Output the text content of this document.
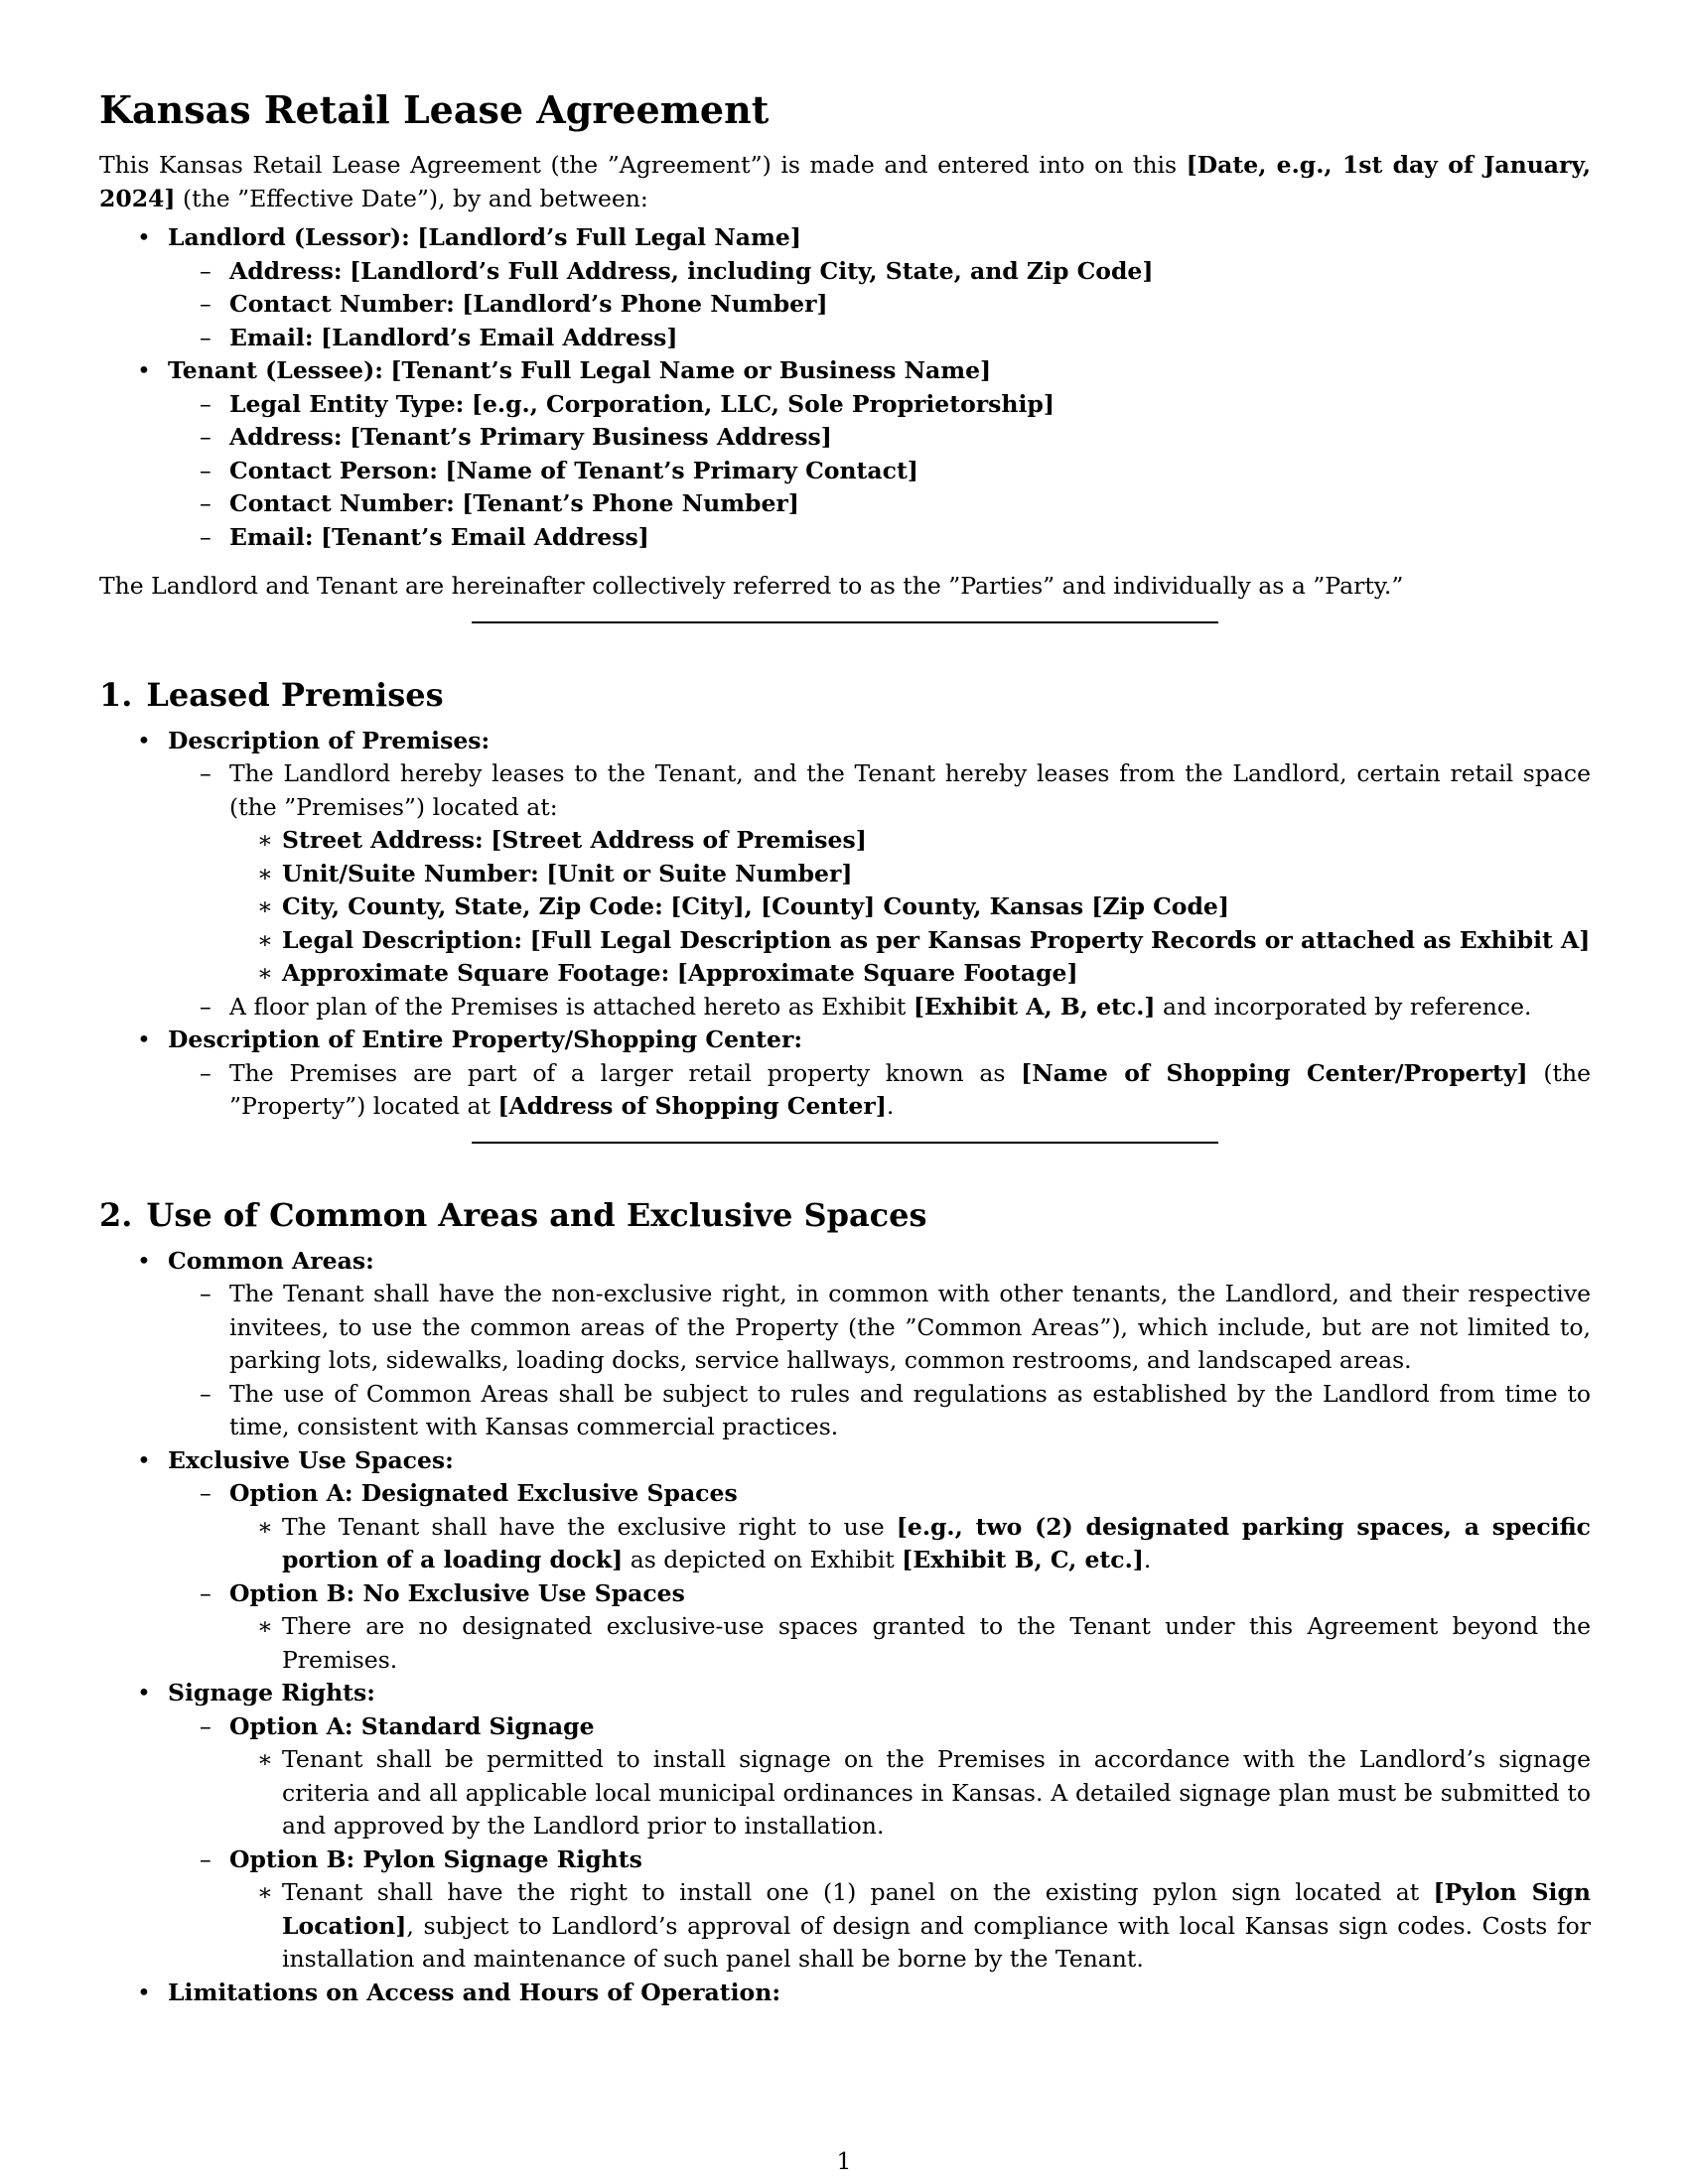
Kansas Retail Lease Agreement

This Kansas Retail Lease Agreement (the ”Agreement”) is made and entered into on this [Date, e.g., 1st day of January, 2024] (the ”Effective Date”), by and between:

• Landlord (Lessor): [Landlord’s Full Legal Name]
– Address: [Landlord’s Full Address, including City, State, and Zip Code]
– Contact Number: [Landlord’s Phone Number]
– Email: [Landlord’s Email Address]
• Tenant (Lessee): [Tenant’s Full Legal Name or Business Name]
– Legal Entity Type: [e.g., Corporation, LLC, Sole Proprietorship]
– Address: [Tenant’s Primary Business Address]
– Contact Person: [Name of Tenant’s Primary Contact]
– Contact Number: [Tenant’s Phone Number]
– Email: [Tenant’s Email Address]

The Landlord and Tenant are hereinafter collectively referred to as the ”Parties” and individually as a ”Party.”

1. Leased Premises
• Description of Premises:
– The Landlord hereby leases to the Tenant, and the Tenant hereby leases from the Landlord, certain retail space (the ”Premises”) located at:
∗ Street Address: [Street Address of Premises]
∗ Unit/Suite Number: [Unit or Suite Number]
∗ City, County, State, Zip Code: [City], [County] County, Kansas [Zip Code]
∗ Legal Description: [Full Legal Description as per Kansas Property Records or attached as Exhibit A]
∗ Approximate Square Footage: [Approximate Square Footage]
– A floor plan of the Premises is attached hereto as Exhibit [Exhibit A, B, etc.] and incorporated by reference.
• Description of Entire Property/Shopping Center:
– The Premises are part of a larger retail property known as [Name of Shopping Center/Property] (the ”Property”) located at [Address of Shopping Center].
2. Use of Common Areas and Exclusive Spaces
• Common Areas:
– The Tenant shall have the non-exclusive right, in common with other tenants, the Landlord, and their respective invitees, to use the common areas of the Property (the ”Common Areas”), which include, but are not limited to, parking lots, sidewalks, loading docks, service hallways, common restrooms, and landscaped areas.
– The use of Common Areas shall be subject to rules and regulations as established by the Landlord from time to time, consistent with Kansas commercial practices.
• Exclusive Use Spaces:
– Option A: Designated Exclusive Spaces
∗ The Tenant shall have the exclusive right to use [e.g., two (2) designated parking spaces, a specific portion of a loading dock] as depicted on Exhibit [Exhibit B, C, etc.].
– Option B: No Exclusive Use Spaces
∗ There are no designated exclusive-use spaces granted to the Tenant under this Agreement beyond the Premises.
• Signage Rights:
– Option A: Standard Signage
∗ Tenant shall be permitted to install signage on the Premises in accordance with the Landlord’s signage criteria and all applicable local municipal ordinances in Kansas. A detailed signage plan must be submitted to and approved by the Landlord prior to installation.
– Option B: Pylon Signage Rights
∗ Tenant shall have the right to install one (1) panel on the existing pylon sign located at [Pylon Sign Location], subject to Landlord’s approval of design and compliance with local Kansas sign codes. Costs for installation and maintenance of such panel shall be borne by the Tenant.
• Limitations on Access and Hours of Operation:
1
